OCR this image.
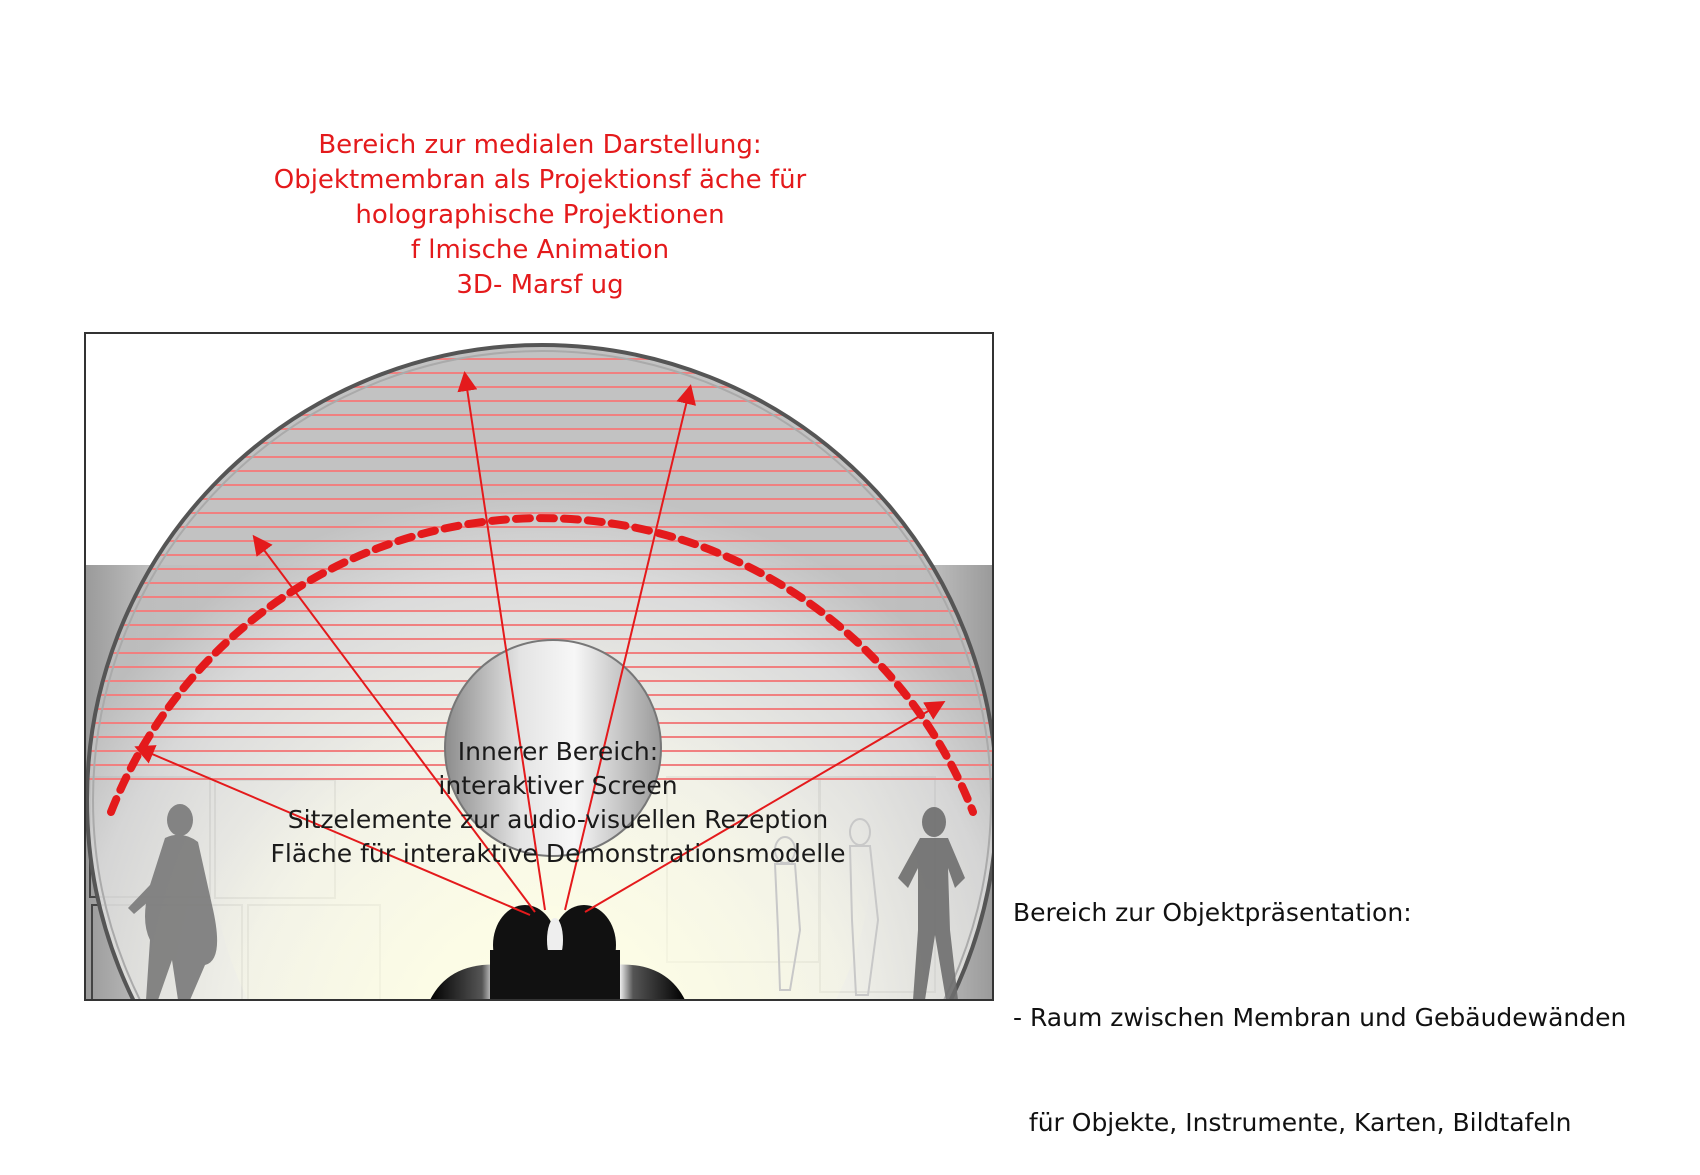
Bereich zur medialen Darstellung:
Objektmembran als Projektionsf äche für
holographische Projektionen
f lmische Animation
3D- Marsf ug
Innerer Bereich:
interaktiver Screen
Sitzelemente zur audio-visuellen Rezeption
Fläche für interaktive Demonstrationsmodelle

Bereich zur Objektpräsentation:

- Raum zwischen Membran und Gebäudewänden

für Objekte, Instrumente, Karten, Bildtafeln
